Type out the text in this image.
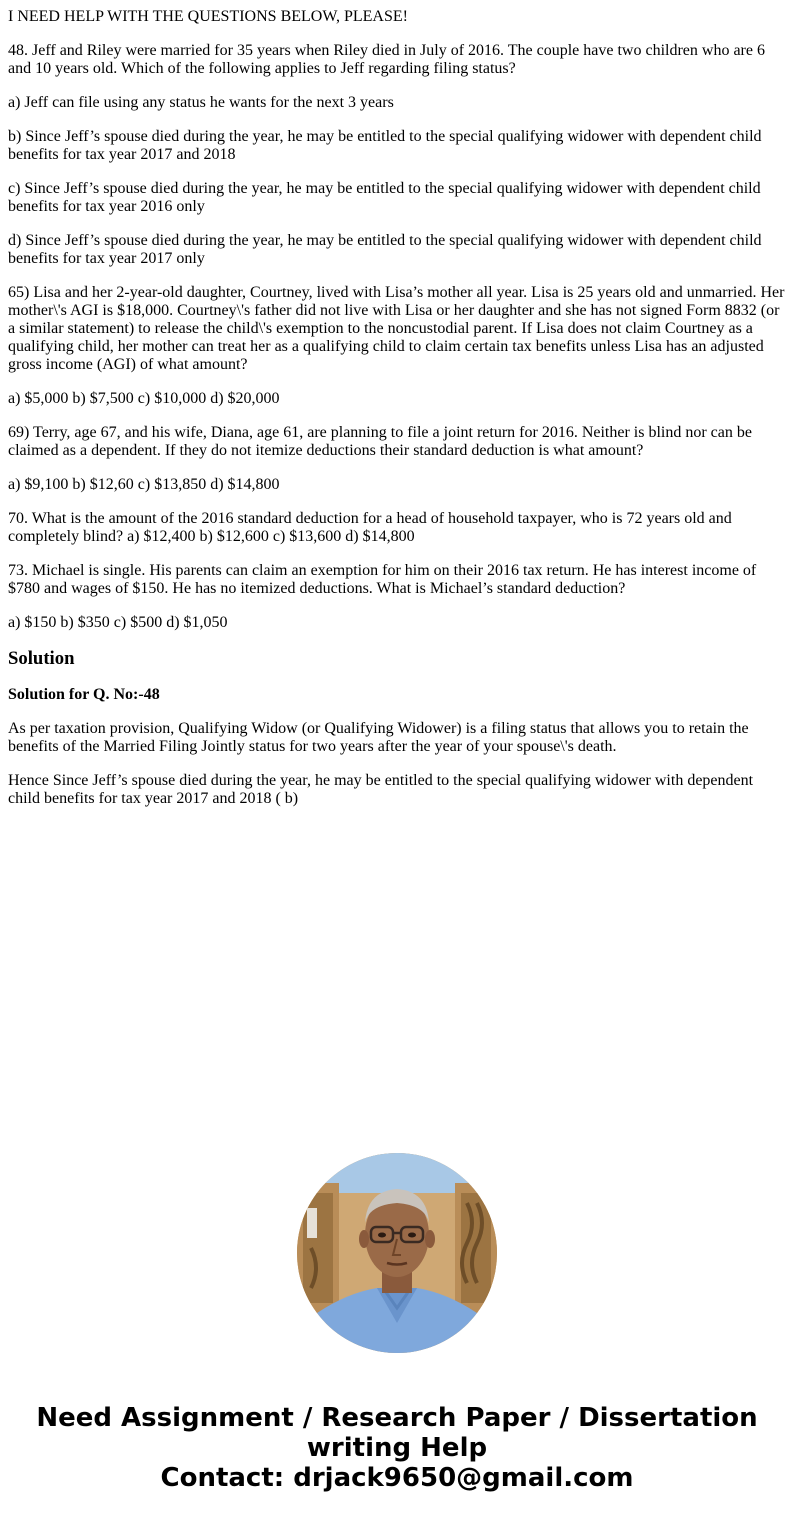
I NEED HELP WITH THE QUESTIONS BELOW, PLEASE!

48. Jeff and Riley were married for 35 years when Riley died in July of 2016. The couple have two children who are 6 and 10 years old. Which of the following applies to Jeff regarding filing status?

a) Jeff can file using any status he wants for the next 3 years

b) Since Jeff’s spouse died during the year, he may be entitled to the special qualifying widower with dependent child benefits for tax year 2017 and 2018

c) Since Jeff’s spouse died during the year, he may be entitled to the special qualifying widower with dependent child benefits for tax year 2016 only

d) Since Jeff’s spouse died during the year, he may be entitled to the special qualifying widower with dependent child benefits for tax year 2017 only

65) Lisa and her 2-year-old daughter, Courtney, lived with Lisa’s mother all year. Lisa is 25 years old and unmarried. Her mother\'s AGI is $18,000. Courtney\'s father did not live with Lisa or her daughter and she has not signed Form 8832 (or a similar statement) to release the child\'s exemption to the noncustodial parent. If Lisa does not claim Courtney as a qualifying child, her mother can treat her as a qualifying child to claim certain tax benefits unless Lisa has an adjusted gross income (AGI) of what amount?

a) $5,000 b) $7,500 c) $10,000 d) $20,000

69) Terry, age 67, and his wife, Diana, age 61, are planning to file a joint return for 2016. Neither is blind nor can be claimed as a dependent. If they do not itemize deductions their standard deduction is what amount?

a) $9,100 b) $12,60 c) $13,850 d) $14,800

70. What is the amount of the 2016 standard deduction for a head of household taxpayer, who is 72 years old and completely blind? a) $12,400 b) $12,600 c) $13,600 d) $14,800

73. Michael is single. His parents can claim an exemption for him on their 2016 tax return. He has interest income of $780 and wages of $150. He has no itemized deductions. What is Michael’s standard deduction?

a) $150 b) $350 c) $500 d) $1,050

Solution
Solution for Q. No:-48

As per taxation provision, Qualifying Widow (or Qualifying Widower) is a filing status that allows you to retain the benefits of the Married Filing Jointly status for two years after the year of your spouse\'s death.

Hence Since Jeff’s spouse died during the year, he may be entitled to the special qualifying widower with dependent child benefits for tax year 2017 and 2018 ( b)

Need Assignment / Research Paper / Dissertation
writing Help
Contact: drjack9650@gmail.com
